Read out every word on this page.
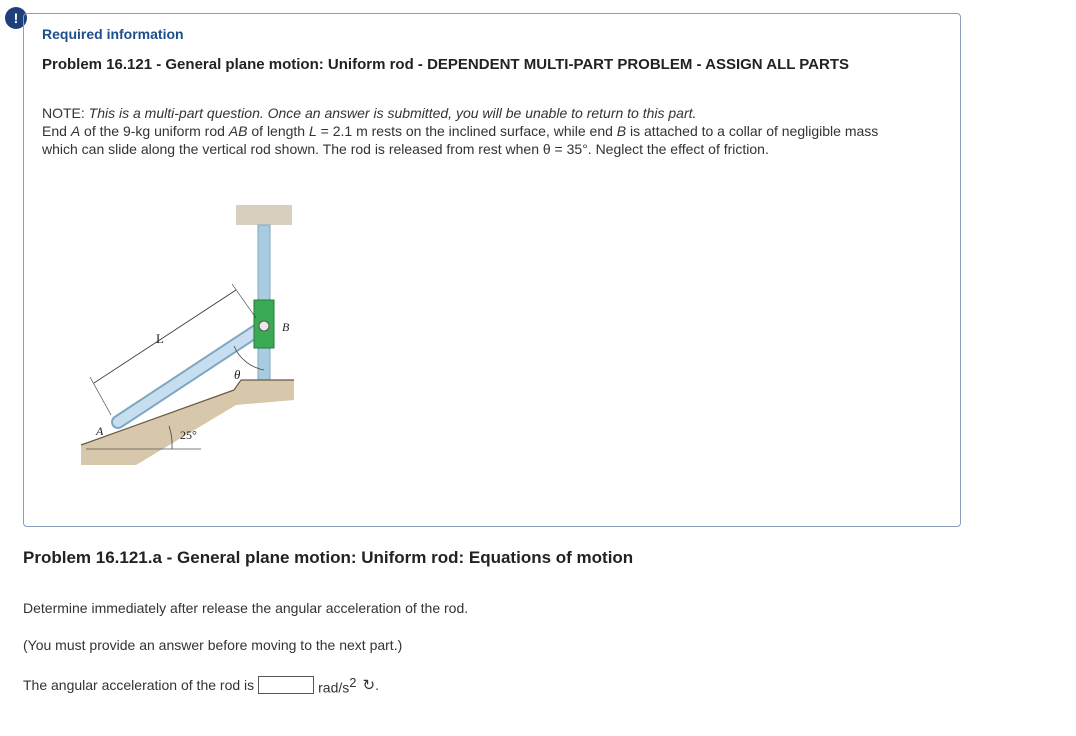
!
Required information
Problem 16.121 - General plane motion: Uniform rod - DEPENDENT MULTI-PART PROBLEM - ASSIGN ALL PARTS
NOTE: This is a multi-part question. Once an answer is submitted, you will be unable to return to this part.
End A of the 9-kg uniform rod AB of length L = 2.1 m rests on the inclined surface, while end B is attached to a collar of negligible mass which can slide along the vertical rod shown. The rod is released from rest when θ = 35°. Neglect the effect of friction.
L
A
B
θ
25°
Problem 16.121.a - General plane motion: Uniform rod: Equations of motion
Determine immediately after release the angular acceleration of the rod.
(You must provide an answer before moving to the next part.)
The angular acceleration of the rod is	rad/$s^2$ ↻ .
